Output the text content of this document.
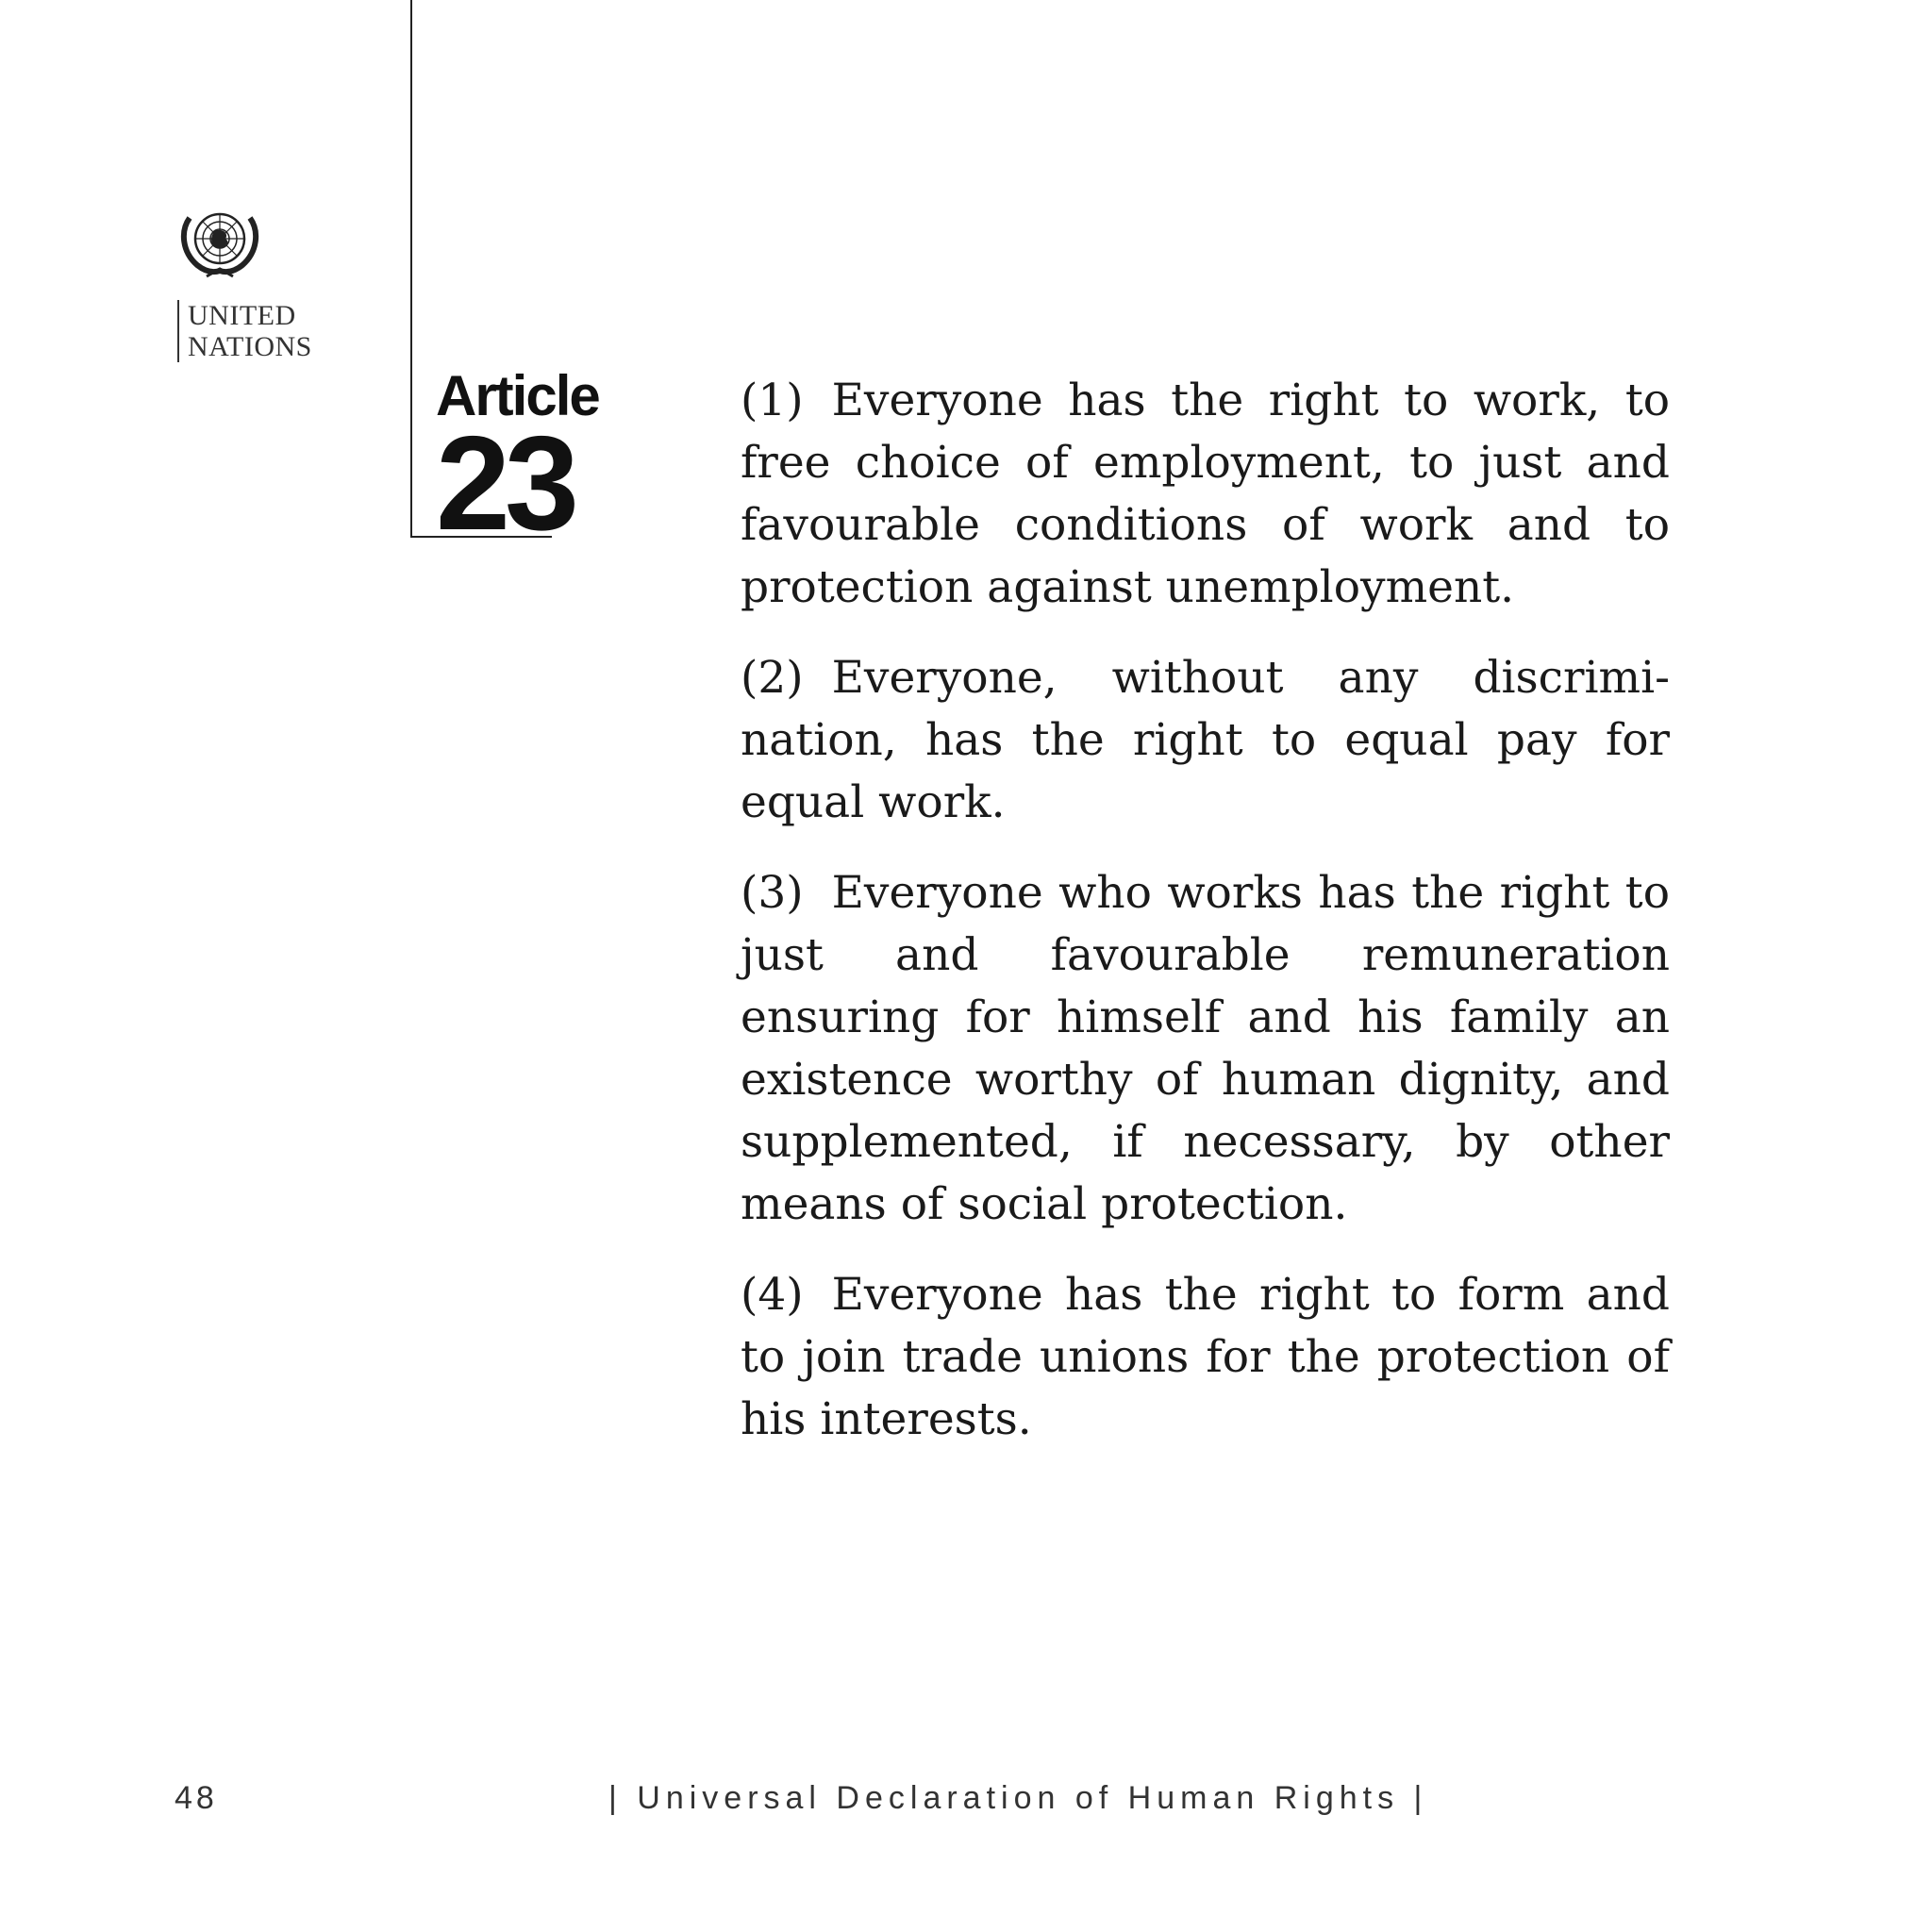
UNITED
NATIONS
Article
23

(1) Everyone has the right to work, to free choice of employment, to just and favourable conditions of work and to protection against unemployment.

(2) Everyone, without any discrimination, has the right to equal pay for equal work.

(3) Everyone who works has the right to just and favourable remuneration ensuring for himself and his family an existence worthy of human dignity, and supplemented, if necessary, by other means of social protection.

(4) Everyone has the right to form and to join trade unions for the protection of his interests.

48	| Universal Declaration of Human Rights |
